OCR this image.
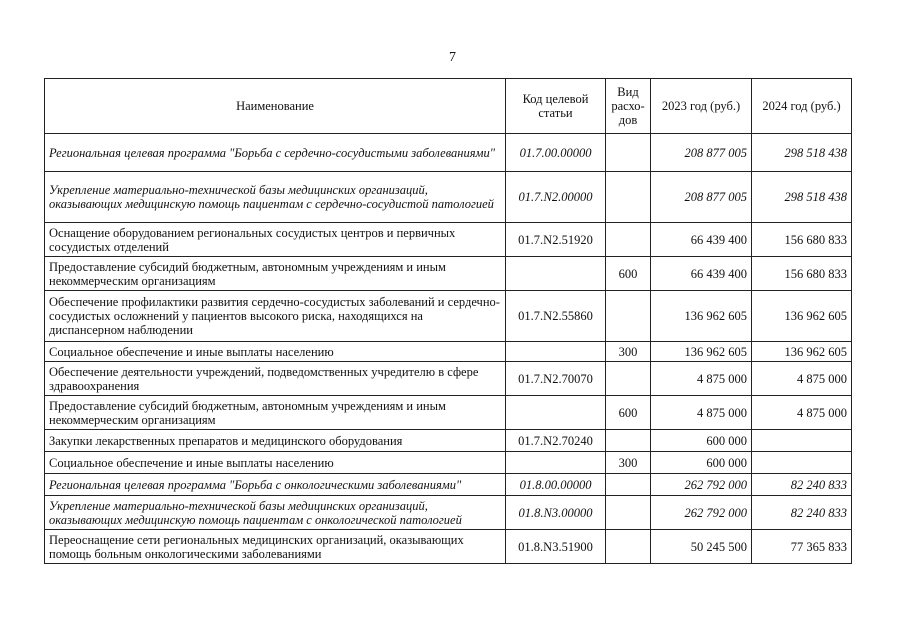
7
Наименование	Код целевой статьи	Вид расхо-дов	2023 год (руб.)	2024 год (руб.)
Региональная целевая программа "Борьба с сердечно-сосудистыми заболеваниями"	01.7.00.00000		208 877 005	298 518 438
Укрепление материально-технической базы медицинских организаций, оказывающих медицинскую помощь пациентам с сердечно-сосудистой патологией	01.7.N2.00000		208 877 005	298 518 438
Оснащение оборудованием региональных сосудистых центров и первичных сосудистых отделений	01.7.N2.51920		66 439 400	156 680 833
Предоставление субсидий бюджетным, автономным учреждениям и иным некоммерческим организациям		600	66 439 400	156 680 833
Обеспечение профилактики развития сердечно-сосудистых заболеваний и сердечно-сосудистых осложнений у пациентов высокого риска, находящихся на диспансерном наблюдении	01.7.N2.55860		136 962 605	136 962 605
Социальное обеспечение и иные выплаты населению		300	136 962 605	136 962 605
Обеспечение деятельности учреждений, подведомственных учредителю в сфере здравоохранения	01.7.N2.70070		4 875 000	4 875 000
Предоставление субсидий бюджетным, автономным учреждениям и иным некоммерческим организациям		600	4 875 000	4 875 000
Закупки лекарственных препаратов и медицинского оборудования	01.7.N2.70240		600 000	
Социальное обеспечение и иные выплаты населению		300	600 000	
Региональная целевая программа "Борьба с онкологическими заболеваниями"	01.8.00.00000		262 792 000	82 240 833
Укрепление материально-технической базы медицинских организаций, оказывающих медицинскую помощь пациентам с онкологической патологией	01.8.N3.00000		262 792 000	82 240 833
Переоснащение сети региональных медицинских организаций, оказывающих помощь больным онкологическими заболеваниями	01.8.N3.51900		50 245 500	77 365 833
